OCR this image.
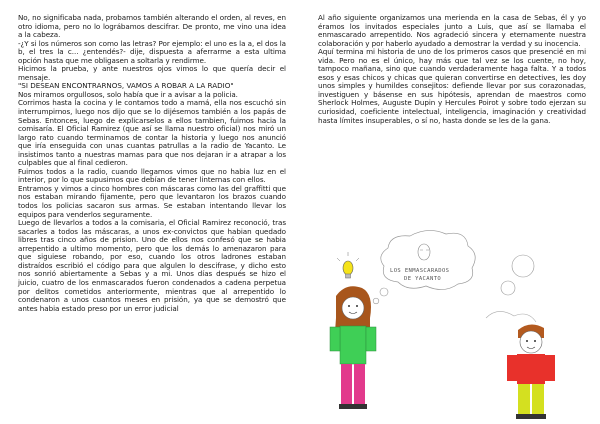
No, no significaba nada, probamos también alterando el orden, al reves, en otro idioma, pero no lo lográbamos descifrar. De pronto, me vino una idea a la cabeza.

-¿Y si los números son como las letras? Por ejemplo: el uno es la a, el dos la b, el tres la c... ¿entendés?- dije, dispuesta a aferrarme a esta ultima opción hasta que me obligasen a soltarla y rendirme.

Hicimos la prueba, y ante nuestros ojos vimos lo que quería decir el mensaje.

"SI DESEAN ENCONTRARNOS, VAMOS A ROBAR A LA RADIO"

Nos miramos orgullosos, solo había que ir a avisar a la policia.

Corrimos hasta la cocina y le contamos todo a mamá, ella nos escuchó sin interrumpirnos, luego nos dijo que se lo dijésemos también a los papás de Sebas. Entonces, luego de explicarselos a ellos tambien, fuimos hacia la comisaría. El Oficial Ramirez (que así se llama nuestro oficial) nos miró un largo rato cuando terminamos de contar la historia y luego nos anunció que iría enseguida con unas cuantas patrullas a la radio de Yacanto. Le insistimos tanto a nuestras mamas para que nos dejaran ir a atrapar a los culpables que al final cedieron.

Fuimos todos a la radio, cuando llegamos vimos que no habia luz en el interior, por lo que supusimos que debían de tener linternas con ellos.

Entramos y vimos a cinco hombres con máscaras como las del graffitti que nos estaban mirando fijamente, pero que levantaron los brazos cuando todos los policias sacaron sus armas. Se estaban intentando llevar los equipos para venderlos seguramente.

Luego de llevarlos a todos a la comisaria, el Oficial Ramirez reconoció, tras sacarles a todos las máscaras, a unos ex-convictos que habian quedado libres tras cinco años de prision. Uno de ellos nos confesó que se habia arrepentido a ultimo momento, pero que los demás lo amenazaron para que siguiese robando, por eso, cuando los otros ladrones estaban distraídos escribió el código para que algulen lo descifrase, y dicho esto nos sonrió abiertamente a Sebas y a mi. Unos días después se hizo el juicio, cuatro de los enmascarados fueron condenados a cadena perpetua por delitos cometidos anteriormente, mientras que al arrepentido lo condenaron a unos cuantos meses en prisión, ya que se demostró que antes habia estado preso por un error judicial

Al año siguiente organizamos una merienda en la casa de Sebas, él y yo éramos los invitados especiales junto a Luis, que así se llamaba el enmascarado arrepentido. Nos agradeció sincera y eternamente nuestra colaboración y por haberlo ayudado a demostrar la verdad y su inocencia.

Aquí termina mi historia de uno de los primeros casos que presencié en mi vida. Pero no es el único, hay más que tal vez se los cuente, no hoy, tampoco mañana, sino que cuando verdaderamente haga falta. Y a todos esos y esas chicos y chicas que quieran convertirse en detectives, les doy unos simples y humildes consejitos: defiende llevar por sus corazonadas, investiguen y básense en sus hipótesis, aprendan de maestros como Sherlock Holmes, Auguste Dupin y Hercules Poirot y sobre todo ejerzan su curiosidad, coeficiente intelectual, inteligencia, imaginación y creatividad hasta límites insuperables, o sí no, hasta donde se les de la gana.

LOS ENMASCARADOS
DE YACANTO
